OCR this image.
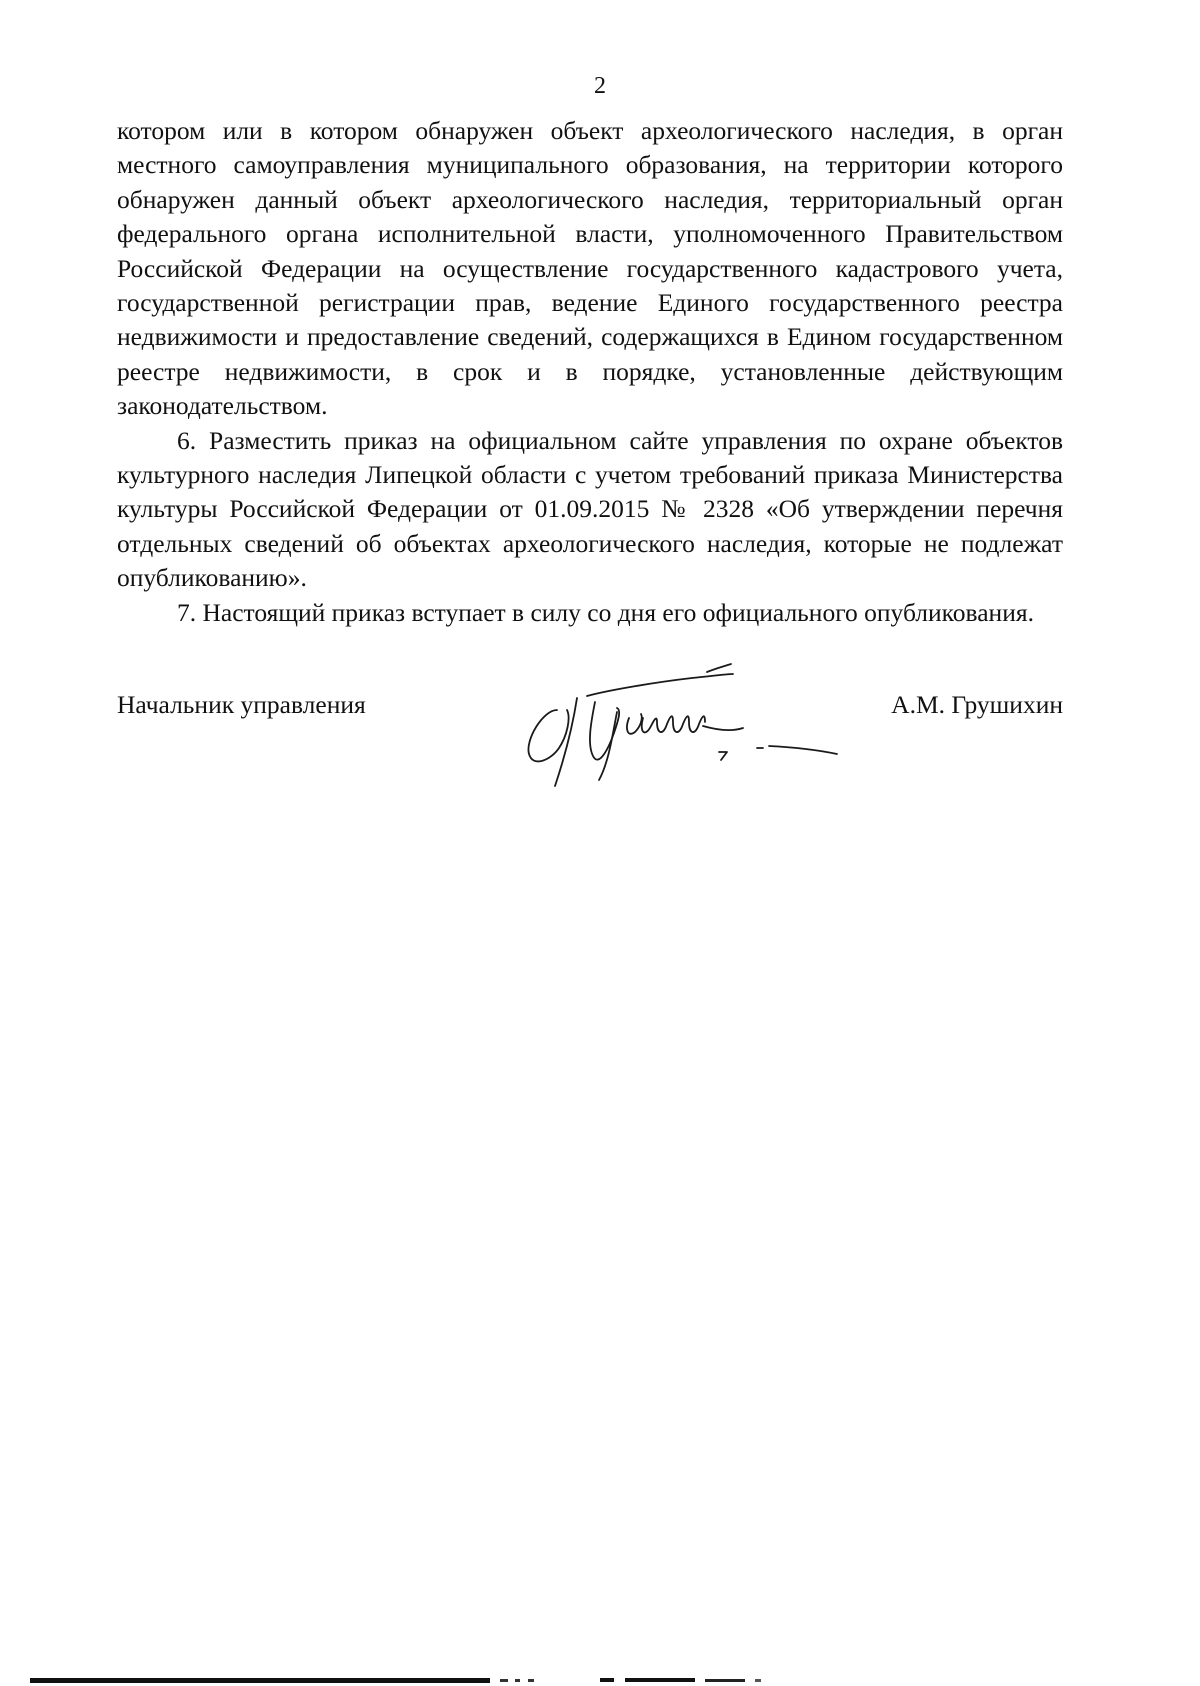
2

котором или в котором обнаружен объект археологического наследия, в орган местного самоуправления муниципального образования, на территории которого обнаружен данный объект археологического наследия, территориальный орган федерального органа исполнительной власти, уполномоченного Правительством Российской Федерации на осуществление государственного кадастрового учета, государственной регистрации прав, ведение Единого государственного реестра недвижимости и предоставление сведений, содержащихся в Едином государственном реестре недвижимости, в срок и в порядке, установленные действующим законодательством.

6. Разместить приказ на официальном сайте управления по охране объектов культурного наследия Липецкой области с учетом требований приказа Министерства культуры Российской Федерации от 01.09.2015 № 2328 «Об утверждении перечня отдельных сведений об объектах археологического наследия, которые не подлежат опубликованию».

7. Настоящий приказ вступает в силу со дня его официального опубликования.

Начальник управления	А.М. Грушихин
